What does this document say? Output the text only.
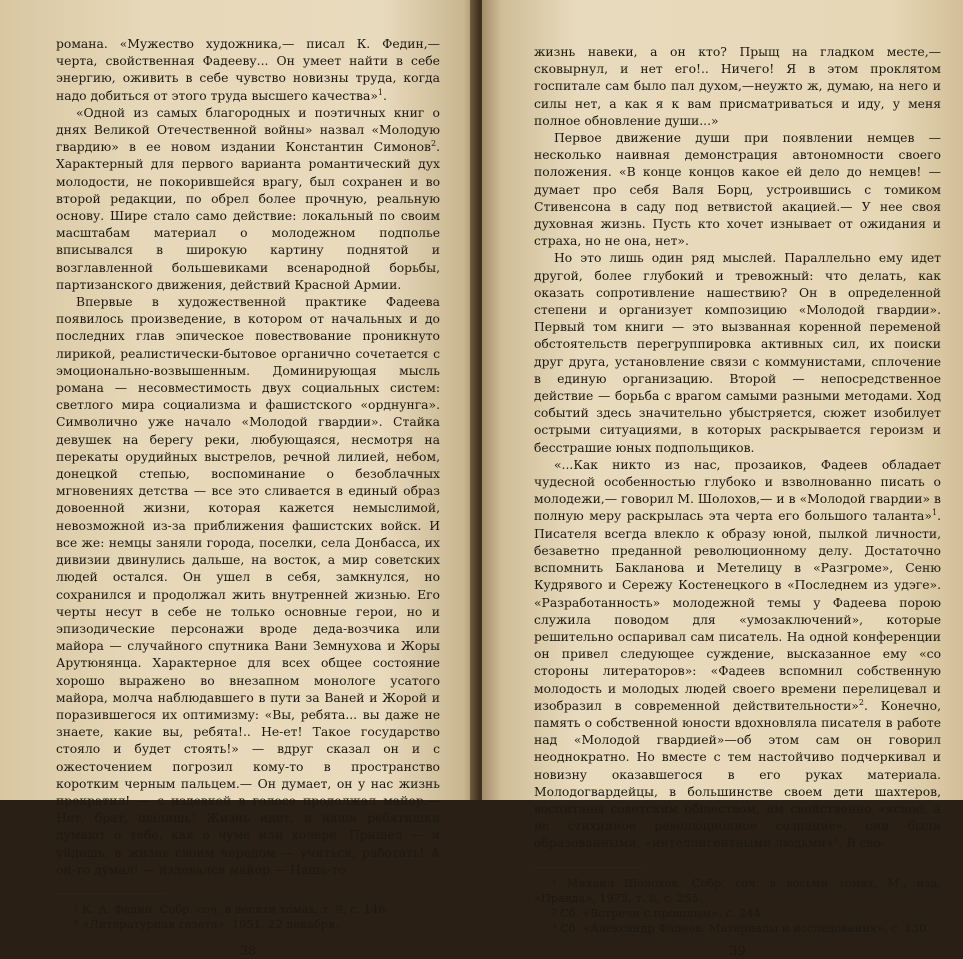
романа. «Мужество художника,— писал К. Федин,— черта, свойственная Фадееву... Он умеет найти в себе энергию, оживить в себе чувство новизны труда, когда надо добиться от этого труда высшего качества»$^1$.

«Одной из самых благородных и поэтичных книг о днях Великой Отечественной войны» назвал «Молодую гвардию» в ее новом издании Константин Симонов$^2$. Характерный для первого варианта романтический дух молодости, не покорившейся врагу, был сохранен и во второй редакции, по обрел более прочную, реальную основу. Шире стало само действие: локальный по своим масштабам материал о молодежном подполье вписывался в широкую картину поднятой и возглавленной большевиками всенародной борьбы, партизанского движения, действий Красной Армии.

Впервые в художественной практике Фадеева появилось произведение, в котором от начальных и до последних глав эпическое повествование проникнуто лирикой, реалистически-бытовое органично сочетается с эмоционально-возвышенным. Доминирующая мысль романа — несовместимость двух социальных систем: светлого мира социализма и фашистского «орднунга». Символично уже начало «Молодой гвардии». Стайка девушек на берегу реки, любующаяся, несмотря на перекаты орудийных выстрелов, речной лилией, небом, донецкой степью, воспоминание о безоблачных мгновениях детства — все это сливается в единый образ довоенной жизни, которая кажется немыслимой, невозможной из-за приближения фашистских войск. И все же: немцы заняли города, поселки, села Донбасса, их дивизии двинулись дальше, на восток, а мир советских людей остался. Он ушел в себя, замкнулся, но сохранился и продолжал жить внутренней жизнью. Его черты несут в себе не только основные герои, но и эпизодические персонажи вроде деда-возчика или майора — случайного спутника Вани Земнухова и Жоры Арутюнянца. Характерное для всех общее состояние хорошо выражено во внезапном монологе усатого майора, молча наблюдавшего в пути за Ваней и Жорой и поразившегося их оптимизму: «Вы, ребята... вы даже не знаете, какие вы, ребята!.. Не-ет! Такое государство стояло и будет стоять!» — вдруг сказал он и с ожесточением погрозил кому-то в пространство коротким черным пальцем.— Он думает, он у нас жизнь прекратил! — с издевкой в голосе продолжал майор.— Нет, брат, шалишь! Жизнь идет, и наши ребятишки думают о тебе, как о чуме или холере. Пришел — и уйдешь, а жизнь своим чередом — учиться, работать! А он-то думал! — издевался майор.— Наша-то

¹ К. А. Федин. Собр. соч. в десяти томах, т. 9, с. 146.

² «Литературная газета», 1951, 22 декабря.

38

жизнь навеки, а он кто? Прыщ на гладком месте,—сковырнул, и нет его!.. Ничего! Я в этом проклятом госпитале сам было пал духом,—неужто ж, думаю, на него и силы нет, а как я к вам присматриваться и иду, у меня полное обновление души...»

Первое движение души при появлении немцев — несколько наивная демонстрация автономности своего положения. «В конце концов какое ей дело до немцев! — думает про себя Валя Борц, устроившись с томиком Стивенсона в саду под ветвистой акацией.— У нее своя духовная жизнь. Пусть кто хочет изнывает от ожидания и страха, но не она, нет».

Но это лишь один ряд мыслей. Параллельно ему идет другой, более глубокий и тревожный: что делать, как оказать сопротивление нашествию? Он в определенной степени и организует композицию «Молодой гвардии». Первый том книги — это вызванная коренной переменой обстоятельств перегруппировка активных сил, их поиски друг друга, установление связи с коммунистами, сплочение в единую организацию. Второй — непосредственное действие — борьба с врагом самыми разными методами. Ход событий здесь значительно убыстряется, сюжет изобилует острыми ситуациями, в которых раскрывается героизм и бесстрашие юных подпольщиков.

«...Как никто из нас, прозаиков, Фадеев обладает чудесной особенностью глубоко и взволнованно писать о молодежи,— говорил М. Шолохов,— и в «Молодой гвардии» в полную меру раскрылась эта черта его большого таланта»$^1$. Писателя всегда влекло к образу юной, пылкой личности, безаветно преданной революционному делу. Достаточно вспомнить Бакланова и Метелицу в «Разгроме», Сеню Кудрявого и Сережу Костенецкого в «Последнем из удэге». «Разработанность» молодежной темы у Фадеева порою служила поводом для «умозаключений», которые решительно оспаривал сам писатель. На одной конференции он привел следующее суждение, высказанное ему «со стороны литераторов»: «Фадеев вспомнил собственную молодость и молодых людей своего времени перелицевал и изобразил в современной действительности»$^2$. Конечно, память о собственной юности вдохновляла писателя в работе над «Молодой гвардией»—об этом сам он говорил неоднократно. Но вместе с тем настойчиво подчеркивал и новизну оказавшегося в его руках материала. Молодогвардейцы, в большинстве своем дети шахтеров, воспитаны советским обществом, им свойственно «ясное, а не стихийное революционное сознание», они были образованными, «интеллигентными людьми»$^3$. В сво-

¹ Михаил Шолохов. Собр. соч. в восьми томах, М., изд. «Правда», 1975, т. 8, с. 255.

² Сб. «Встречи с прошлым», с. 244.

³ Сб. «Александр Фадеев. Материалы и исследования», с. 130.

39
